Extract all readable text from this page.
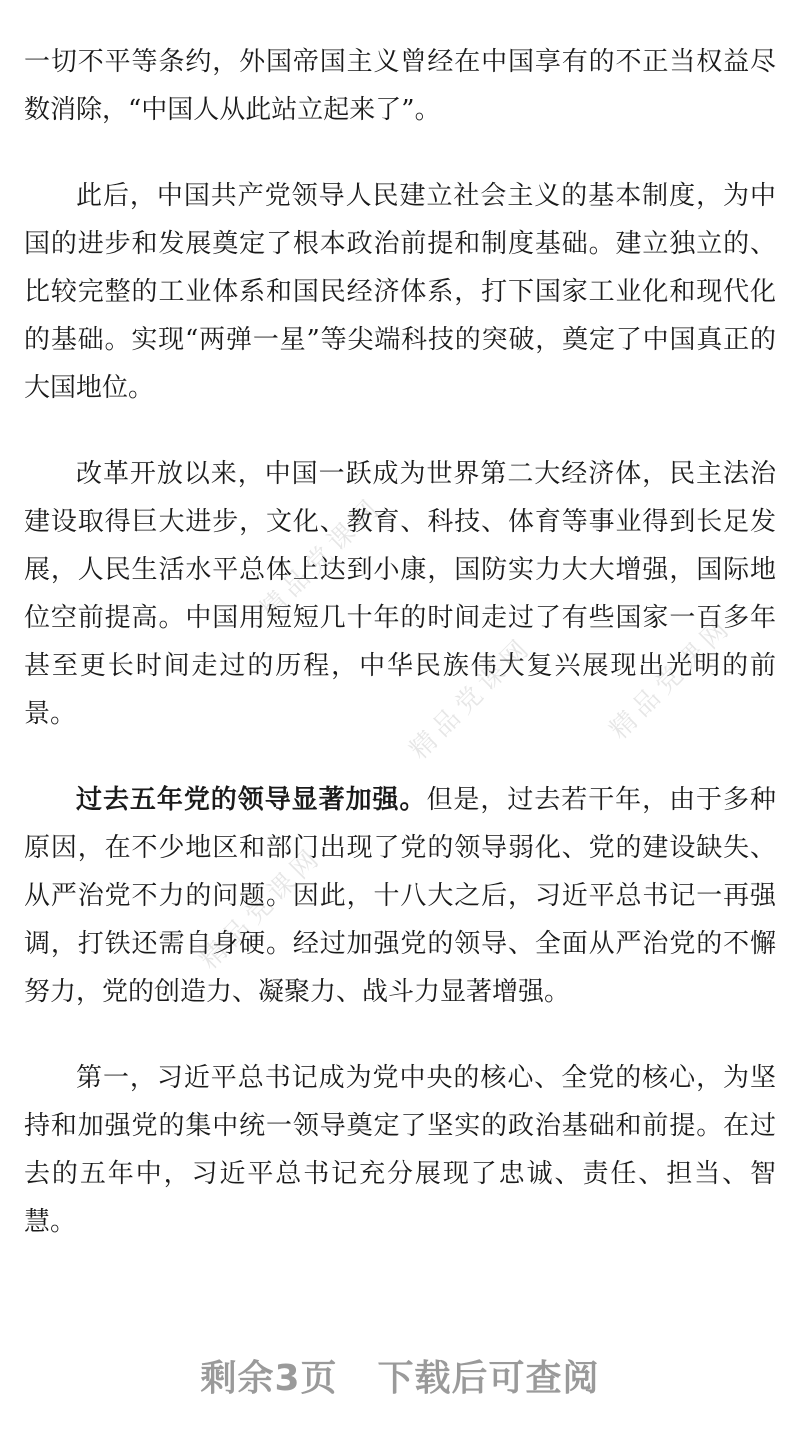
精品党课网
精品党课网	精品党课网
精品党课网

一切不平等条约，外国帝国主义曾经在中国享有的不正当权益尽数消除，“中国人从此站立起来了”。

此后，中国共产党领导人民建立社会主义的基本制度，为中国的进步和发展奠定了根本政治前提和制度基础。建立独立的、比较完整的工业体系和国民经济体系，打下国家工业化和现代化的基础。实现“两弹一星”等尖端科技的突破，奠定了中国真正的大国地位。

改革开放以来，中国一跃成为世界第二大经济体，民主法治建设取得巨大进步，文化、教育、科技、体育等事业得到长足发展，人民生活水平总体上达到小康，国防实力大大增强，国际地位空前提高。中国用短短几十年的时间走过了有些国家一百多年甚至更长时间走过的历程，中华民族伟大复兴展现出光明的前景。

过去五年党的领导显著加强。但是，过去若干年，由于多种原因，在不少地区和部门出现了党的领导弱化、党的建设缺失、从严治党不力的问题。因此，十八大之后，习近平总书记一再强调，打铁还需自身硬。经过加强党的领导、全面从严治党的不懈努力，党的创造力、凝聚力、战斗力显著增强。

第一，习近平总书记成为党中央的核心、全党的核心，为坚持和加强党的集中统一领导奠定了坚实的政治基础和前提。在过去的五年中，习近平总书记充分展现了忠诚、责任、担当、智慧。

剩余3页 下载后可查阅
